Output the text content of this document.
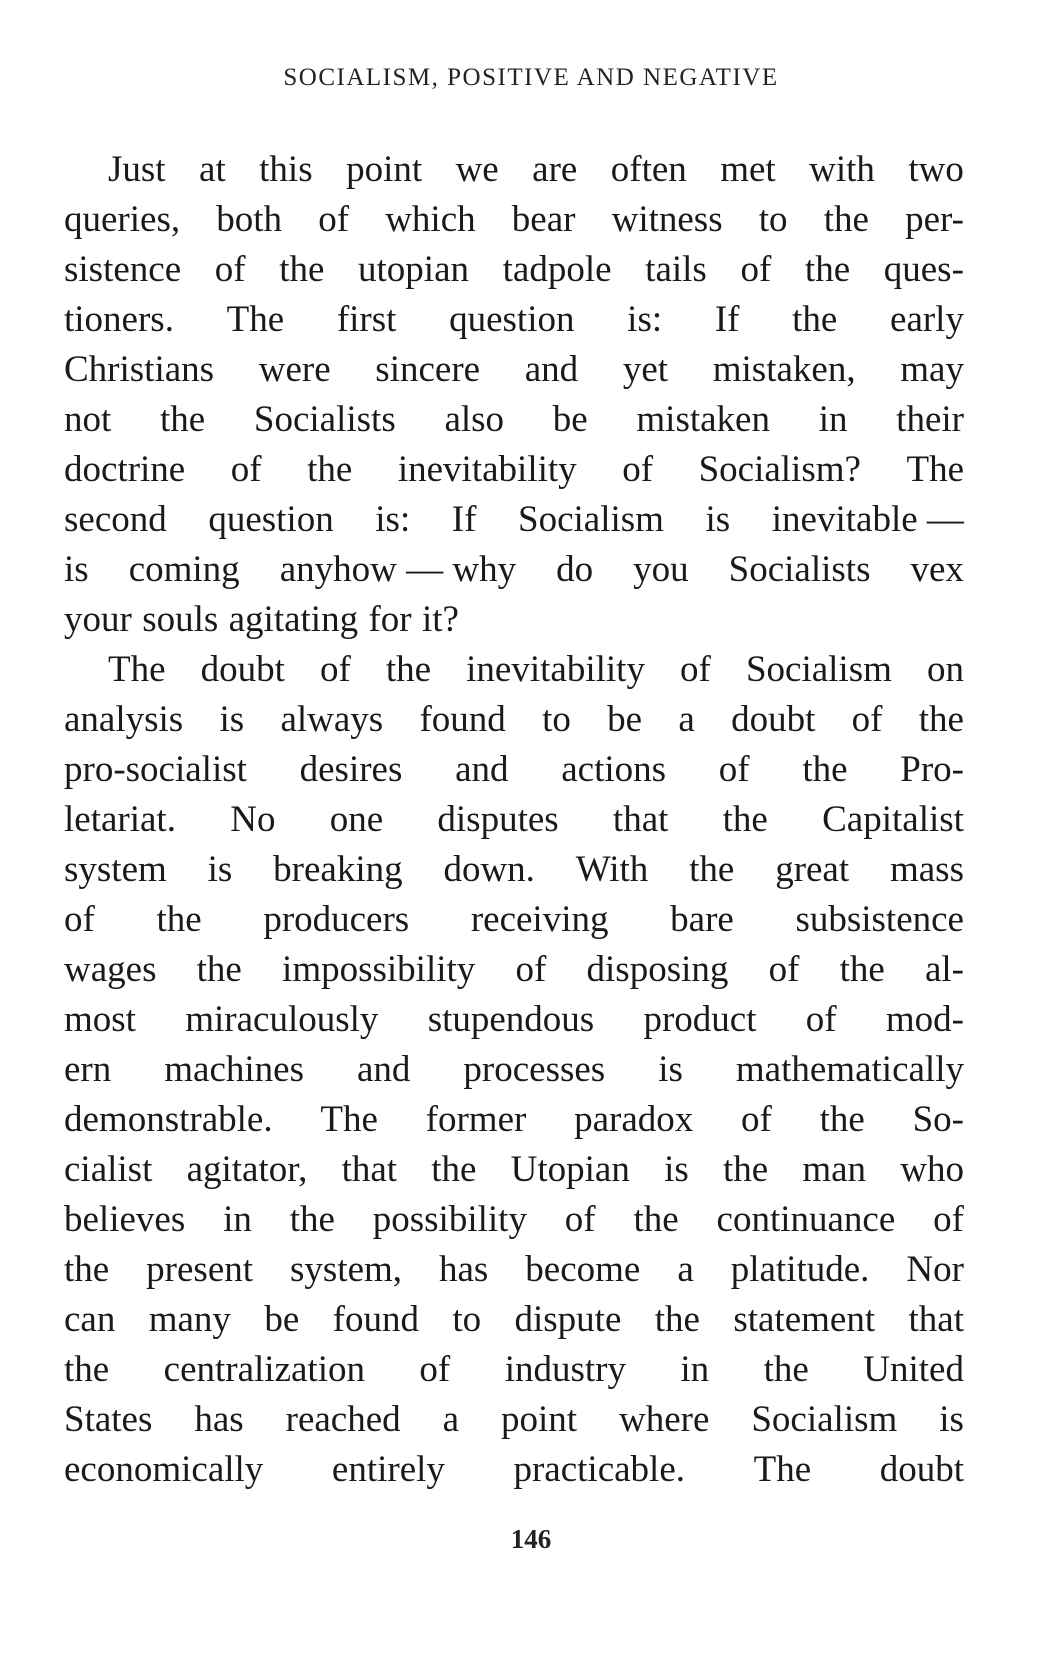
SOCIALISM, POSITIVE AND NEGATIVE
Just at this point we are often met with two
queries, both of which bear witness to the per-
sistence of the utopian tadpole tails of the ques-
tioners. The first question is: If the early
Christians were sincere and yet mistaken, may
not the Socialists also be mistaken in their
doctrine of the inevitability of Socialism? The
second question is: If Socialism is inevitable —
is coming anyhow — why do you Socialists vex
your souls agitating for it?
The doubt of the inevitability of Socialism on
analysis is always found to be a doubt of the
pro-socialist desires and actions of the Pro-
letariat. No one disputes that the Capitalist
system is breaking down. With the great mass
of the producers receiving bare subsistence
wages the impossibility of disposing of the al-
most miraculously stupendous product of mod-
ern machines and processes is mathematically
demonstrable. The former paradox of the So-
cialist agitator, that the Utopian is the man who
believes in the possibility of the continuance of
the present system, has become a platitude. Nor
can many be found to dispute the statement that
the centralization of industry in the United
States has reached a point where Socialism is
economically entirely practicable. The doubt
146
